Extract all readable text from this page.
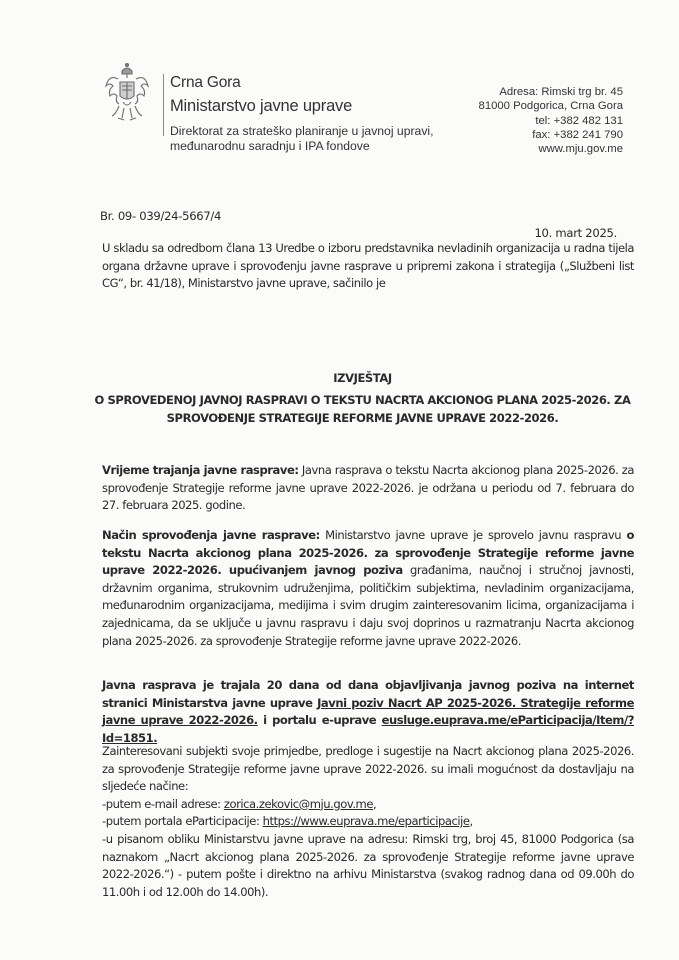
Crna Gora
Ministarstvo javne uprave
Direktorat za strateško planiranje u javnoj upravi,
međunarodnu saradnju i IPA fondove
Adresa: Rimski trg br. 45
81000 Podgorica, Crna Gora
tel: +382 482 131
fax: +382 241 790
www.mju.gov.me
Br. 09- 039/24-5667/4
10. mart 2025.
U skladu sa odredbom člana 13 Uredbe o izboru predstavnika nevladinih organizacija u radna tijela organa državne uprave i sprovođenju javne rasprave u pripremi zakona i strategija („Službeni list CG“, br. 41/18), Ministarstvo javne uprave, sačinilo je
IZVJEŠTAJ
O SPROVEDENOJ JAVNOJ RASPRAVI O TEKSTU NACRTA AKCIONOG PLANA 2025-2026. ZA
SPROVOĐENJE STRATEGIJE REFORME JAVNE UPRAVE 2022-2026.
Vrijeme trajanja javne rasprave: Javna rasprava o tekstu Nacrta akcionog plana 2025-2026. za sprovođenje Strategije reforme javne uprave 2022-2026. je održana u periodu od 7. februara do 27. februara 2025. godine.
Način sprovođenja javne rasprave: Ministarstvo javne uprave je sprovelo javnu raspravu o tekstu Nacrta akcionog plana 2025-2026. za sprovođenje Strategije reforme javne uprave 2022-2026. upućivanjem javnog poziva građanima, naučnoj i stručnoj javnosti, državnim organima, strukovnim udruženjima, političkim subjektima, nevladinim organizacijama, međunarodnim organizacijama, medijima i svim drugim zainteresovanim licima, organizacijama i zajednicama, da se uključe u javnu raspravu i daju svoj doprinos u razmatranju Nacrta akcionog plana 2025-2026. za sprovođenje Strategije reforme javne uprave 2022-2026.
Javna rasprava je trajala 20 dana od dana objavljivanja javnog poziva na internet stranici Ministarstva javne uprave Javni poziv Nacrt AP 2025-2026. Strategije reforme javne uprave 2022-2026. i portalu e-uprave eusluge.euprava.me/eParticipacija/Item/?Id=1851.
Zainteresovani subjekti svoje primjedbe, predloge i sugestije na Nacrt akcionog plana 2025-2026. za sprovođenje Strategije reforme javne uprave 2022-2026. su imali mogućnost da dostavljaju na sljedeće načine:
-putem e-mail adrese: zorica.zekovic@mju.gov.me,
-putem portala eParticipacije: https://www.euprava.me/eparticipacije,
-u pisanom obliku Ministarstvu javne uprave na adresu: Rimski trg, broj 45, 81000 Podgorica (sa naznakom „Nacrt akcionog plana 2025-2026. za sprovođenje Strategije reforme javne uprave 2022-2026.“) - putem pošte i direktno na arhivu Ministarstva (svakog radnog dana od 09.00h do 11.00h i od 12.00h do 14.00h).
